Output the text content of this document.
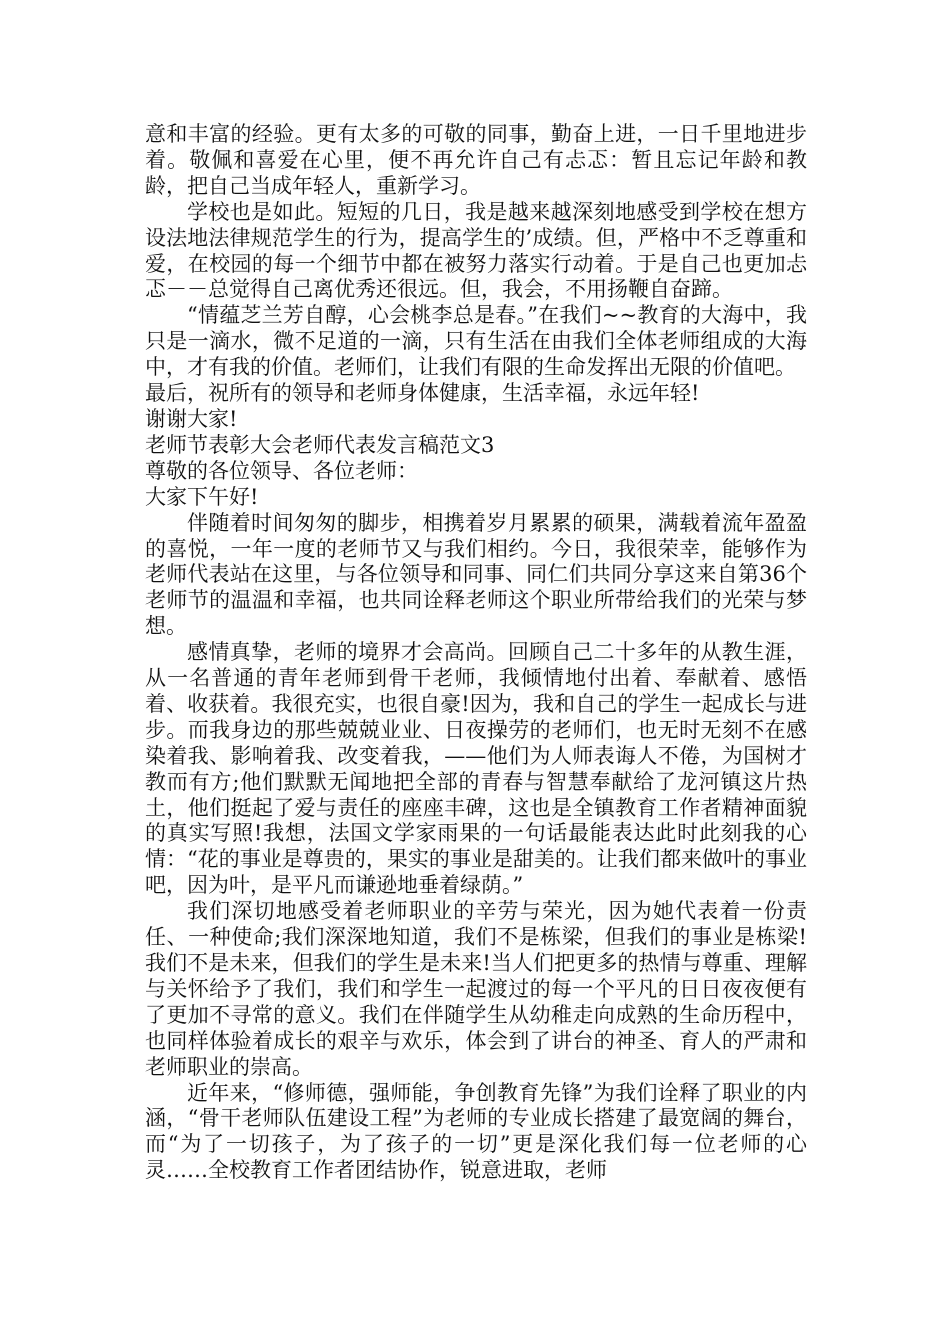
意和丰富的经验。更有太多的可敬的同事，勤奋上进，一日千里地进步着。敬佩和喜爱在心里，便不再允许自己有忐忑：暂且忘记年龄和教龄，把自己当成年轻人，重新学习。

学校也是如此。短短的几日，我是越来越深刻地感受到学校在想方设法地法律规范学生的行为，提高学生的’成绩。但，严格中不乏尊重和爱，在校园的每一个细节中都在被努力落实行动着。于是自己也更加忐忑－－总觉得自己离优秀还很远。但，我会，不用扬鞭自奋蹄。

“情蕴芝兰芳自醇，心会桃李总是春。”在我们~~教育的大海中，我只是一滴水，微不足道的一滴，只有生活在由我们全体老师组成的大海中，才有我的价值。老师们，让我们有限的生命发挥出无限的价值吧。

最后，祝所有的领导和老师身体健康，生活幸福，永远年轻!

谢谢大家!

老师节表彰大会老师代表发言稿范文3

尊敬的各位领导、各位老师：

大家下午好!

伴随着时间匆匆的脚步，相携着岁月累累的硕果，满载着流年盈盈的喜悦，一年一度的老师节又与我们相约。今日，我很荣幸，能够作为老师代表站在这里，与各位领导和同事、同仁们共同分享这来自第36个老师节的温温和幸福，也共同诠释老师这个职业所带给我们的光荣与梦想。

感情真挚，老师的境界才会高尚。回顾自己二十多年的从教生涯，从一名普通的青年老师到骨干老师，我倾情地付出着、奉献着、感悟着、收获着。我很充实，也很自豪!因为，我和自己的学生一起成长与进步。而我身边的那些兢兢业业、日夜操劳的老师们，也无时无刻不在感染着我、影响着我、改变着我，——他们为人师表诲人不倦，为国树才教而有方;他们默默无闻地把全部的青春与智慧奉献给了龙河镇这片热土，他们挺起了爱与责任的座座丰碑，这也是全镇教育工作者精神面貌的真实写照!我想，法国文学家雨果的一句话最能表达此时此刻我的心情：“花的事业是尊贵的，果实的事业是甜美的。让我们都来做叶的事业吧，因为叶，是平凡而谦逊地垂着绿荫。”

我们深切地感受着老师职业的辛劳与荣光，因为她代表着一份责任、一种使命;我们深深地知道，我们不是栋梁，但我们的事业是栋梁!我们不是未来，但我们的学生是未来!当人们把更多的热情与尊重、理解与关怀给予了我们，我们和学生一起渡过的每一个平凡的日日夜夜便有了更加不寻常的意义。我们在伴随学生从幼稚走向成熟的生命历程中，也同样体验着成长的艰辛与欢乐，体会到了讲台的神圣、育人的严肃和老师职业的崇高。

近年来，“修师德，强师能，争创教育先锋”为我们诠释了职业的内涵，“骨干老师队伍建设工程”为老师的专业成长搭建了最宽阔的舞台，而“为了一切孩子，为了孩子的一切”更是深化我们每一位老师的心灵……全校教育工作者团结协作，锐意进取，老师
